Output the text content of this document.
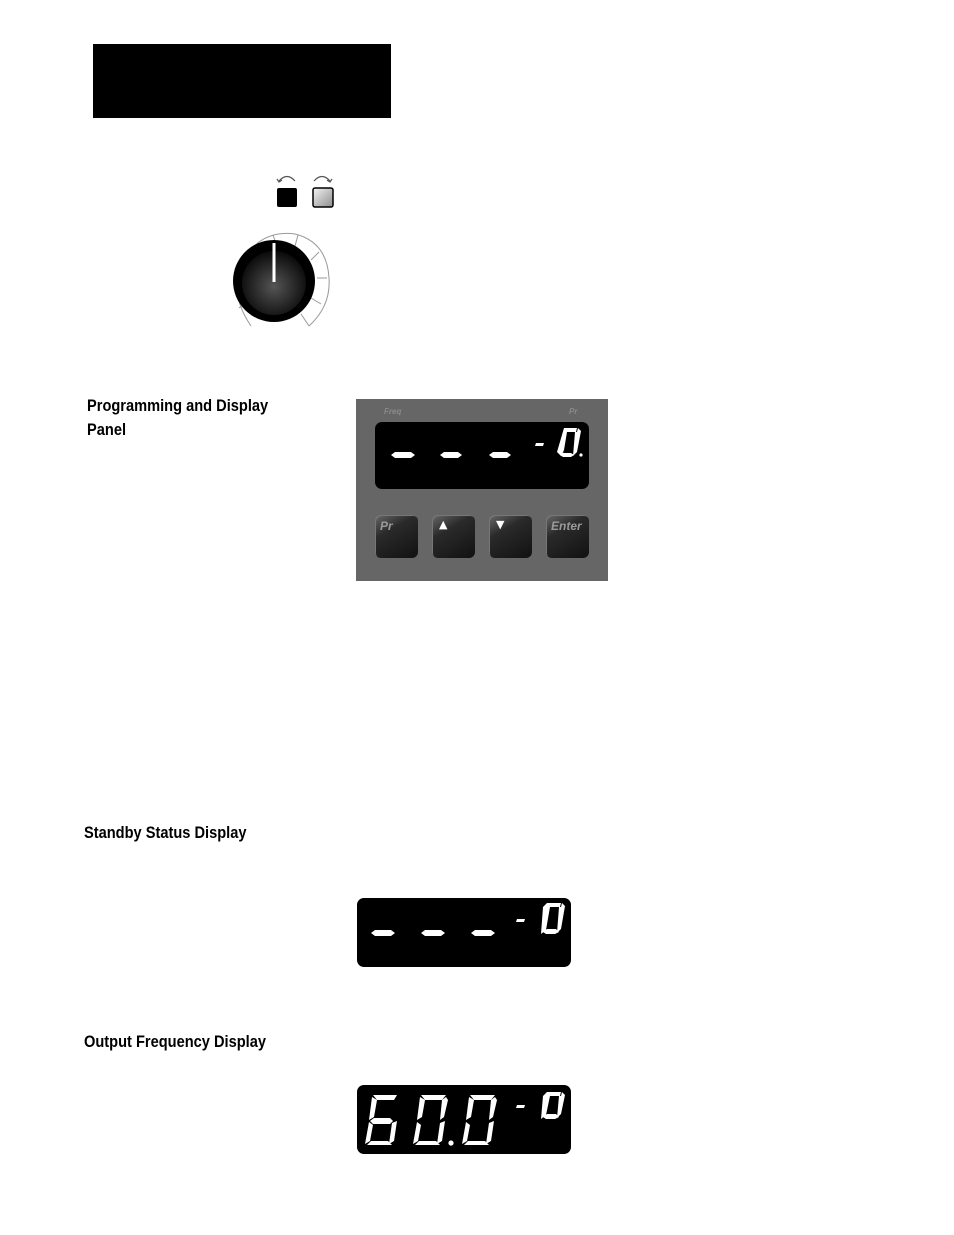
Programming and Display
Panel
Freq	Pr
Pr	▲	▼	Enter
Standby Status Display
Output Frequency Display
